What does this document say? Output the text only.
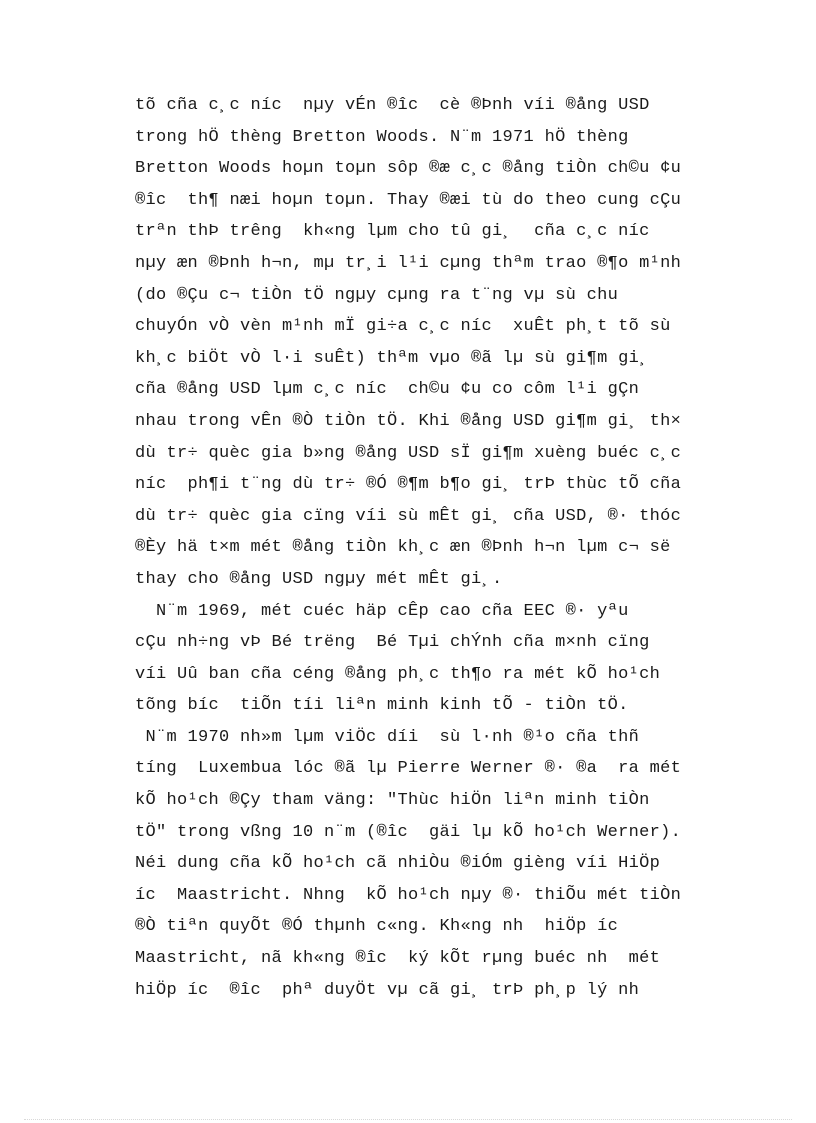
tõ cña c¸c níc  nµy vÉn ®îc  cè ®Þnh víi ®ång USD
trong hÖ thèng Bretton Woods. N¨m 1971 hÖ thèng
Bretton Woods hoµn toµn sôp ®æ c¸c ®ång tiÒn ch©u ¢u
®îc  th¶ næi hoµn toµn. Thay ®æi tù do theo cung cÇu
trªn thÞ trêng  kh«ng lµm cho tû gi¸  cña c¸c níc
nµy æn ®Þnh h¬n, mµ tr¸i l¹i cµng thªm trao ®¶o m¹nh
(do ®Çu c¬ tiÒn tÖ ngµy cµng ra t¨ng vµ sù chu
chuyÓn vÒ vèn m¹nh mÏ gi÷a c¸c níc  xuÊt ph¸t tõ sù
kh¸c biÖt vÒ l·i suÊt) thªm vµo ®ã lµ sù gi¶m gi¸
cña ®ång USD lµm c¸c níc  ch©u ¢u co côm l¹i gÇn
nhau trong vÊn ®Ò tiÒn tÖ. Khi ®ång USD gi¶m gi¸ th×
dù tr÷ quèc gia b»ng ®ång USD sÏ gi¶m xuèng buéc c¸c
níc  ph¶i t¨ng dù tr÷ ®Ó ®¶m b¶o gi¸ trÞ thùc tÕ cña
dù tr÷ quèc gia cïng víi sù mÊt gi¸ cña USD, ®· thóc
®Èy hä t×m mét ®ång tiÒn kh¸c æn ®Þnh h¬n lµm c¬ së
thay cho ®ång USD ngµy mét mÊt gi¸.
N¨m 1969, mét cuéc häp cÊp cao cña EEC ®· yªu
cÇu nh÷ng vÞ Bé trëng  Bé Tµi chÝnh cña m×nh cïng
víi Uû ban cña céng ®ång ph¸c th¶o ra mét kÕ ho¹ch
tõng bíc  tiÕn tíi liªn minh kinh tÕ - tiÒn tÖ.
N¨m 1970 nh»m lµm viÖc díi  sù l·nh ®¹o cña thñ
tíng  Luxembua lóc ®ã lµ Pierre Werner ®· ®a  ra mét
kÕ ho¹ch ®Çy tham väng: "Thùc hiÖn liªn minh tiÒn
tÖ" trong vßng 10 n¨m (®îc  gäi lµ kÕ ho¹ch Werner).
Néi dung cña kÕ ho¹ch cã nhiÒu ®iÓm gièng víi HiÖp
íc  Maastricht. Nhng  kÕ ho¹ch nµy ®· thiÕu mét tiÒn
®Ò tiªn quyÕt ®Ó thµnh c«ng. Kh«ng nh  hiÖp íc
Maastricht, nã kh«ng ®îc  ký kÕt rµng buéc nh  mét
hiÖp íc  ®îc  phª duyÖt vµ cã gi¸ trÞ ph¸p lý nh
